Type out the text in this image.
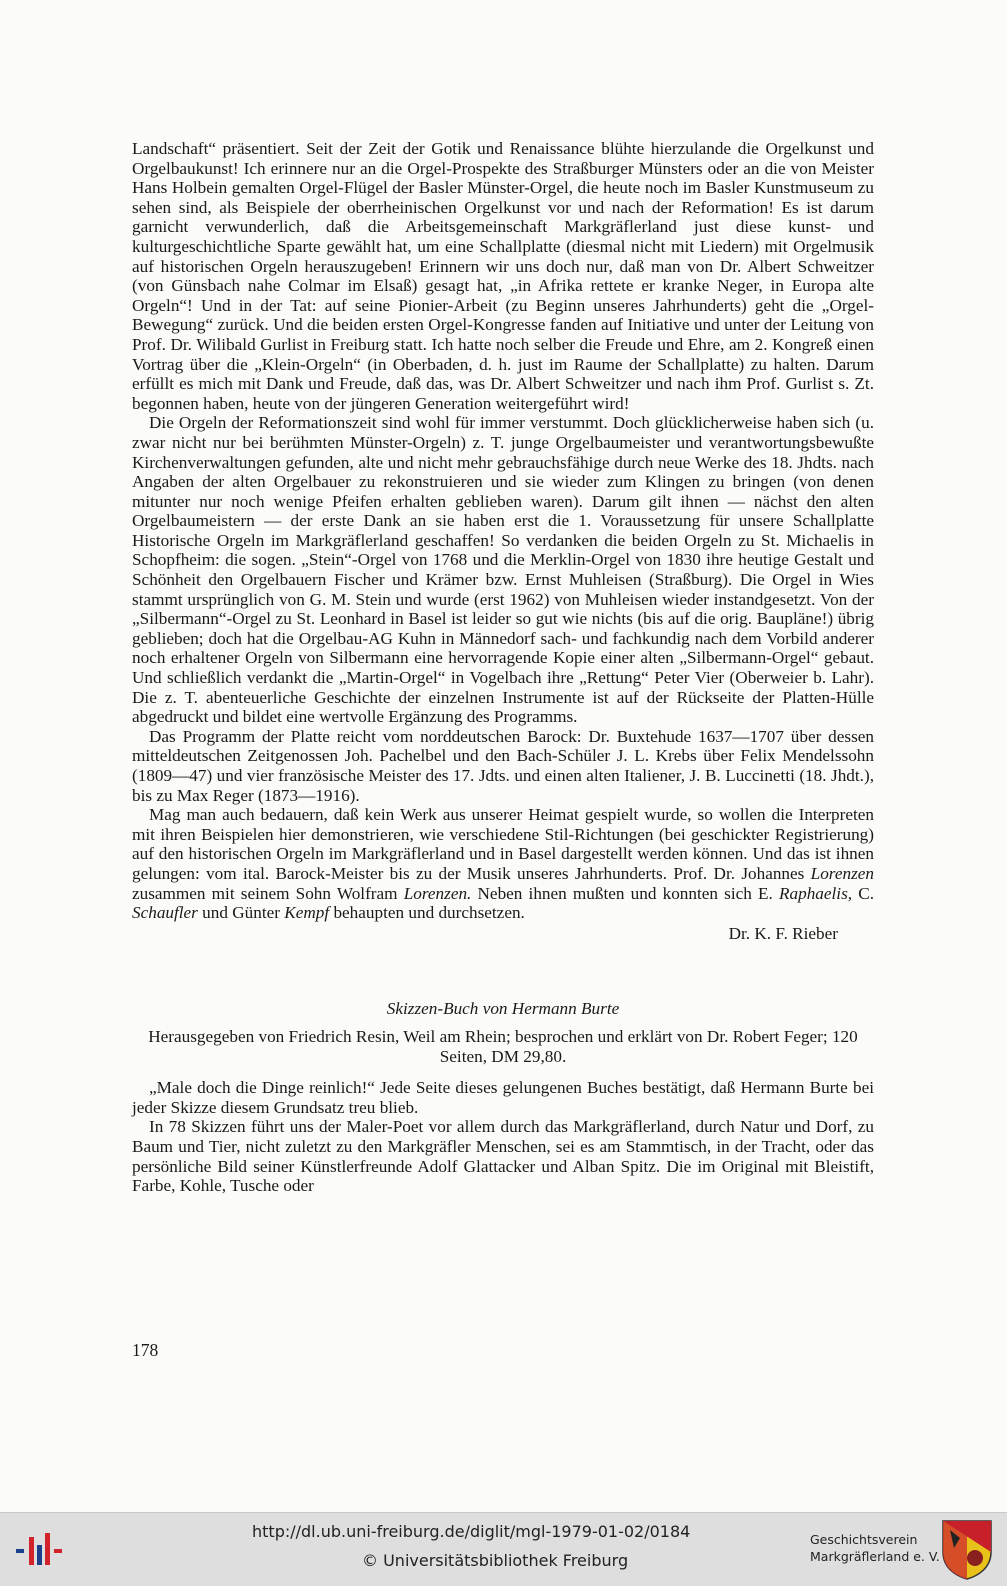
Landschaft“ präsentiert. Seit der Zeit der Gotik und Renaissance blühte hierzulande die Orgelkunst und Orgelbaukunst! Ich erinnere nur an die Orgel-Prospekte des Straßburger Münsters oder an die von Meister Hans Holbein gemalten Orgel-Flügel der Basler Münster-Orgel, die heute noch im Basler Kunstmuseum zu sehen sind, als Beispiele der oberrheinischen Orgelkunst vor und nach der Reformation! Es ist darum garnicht verwunderlich, daß die Arbeitsgemeinschaft Markgräflerland just diese kunst- und kulturgeschichtliche Sparte gewählt hat, um eine Schallplatte (diesmal nicht mit Liedern) mit Orgelmusik auf historischen Orgeln herauszugeben! Erinnern wir uns doch nur, daß man von Dr. Albert Schweitzer (von Günsbach nahe Colmar im Elsaß) gesagt hat, „in Afrika rettete er kranke Neger, in Europa alte Orgeln“! Und in der Tat: auf seine Pionier-Arbeit (zu Beginn unseres Jahrhunderts) geht die „Orgel-Bewegung“ zurück. Und die beiden ersten Orgel-Kongresse fanden auf Initiative und unter der Leitung von Prof. Dr. Wilibald Gurlist in Freiburg statt. Ich hatte noch selber die Freude und Ehre, am 2. Kongreß einen Vortrag über die „Klein-Orgeln“ (in Oberbaden, d. h. just im Raume der Schallplatte) zu halten. Darum erfüllt es mich mit Dank und Freude, daß das, was Dr. Albert Schweitzer und nach ihm Prof. Gurlist s. Zt. begonnen haben, heute von der jüngeren Generation weitergeführt wird!

Die Orgeln der Reformationszeit sind wohl für immer verstummt. Doch glücklicherweise haben sich (u. zwar nicht nur bei berühmten Münster-Orgeln) z. T. junge Orgelbaumeister und verantwortungsbewußte Kirchenverwaltungen gefunden, alte und nicht mehr gebrauchsfähige durch neue Werke des 18. Jhdts. nach Angaben der alten Orgelbauer zu rekonstruieren und sie wieder zum Klingen zu bringen (von denen mitunter nur noch wenige Pfeifen erhalten geblieben waren). Darum gilt ihnen — nächst den alten Orgelbaumeistern — der erste Dank an sie haben erst die 1. Voraussetzung für unsere Schallplatte Historische Orgeln im Markgräflerland geschaffen! So verdanken die beiden Orgeln zu St. Michaelis in Schopfheim: die sogen. „Stein“-Orgel von 1768 und die Merklin-Orgel von 1830 ihre heutige Gestalt und Schönheit den Orgelbauern Fischer und Krämer bzw. Ernst Muhleisen (Straßburg). Die Orgel in Wies stammt ursprünglich von G. M. Stein und wurde (erst 1962) von Muhleisen wieder instandgesetzt. Von der „Silbermann“-Orgel zu St. Leonhard in Basel ist leider so gut wie nichts (bis auf die orig. Baupläne!) übrig geblieben; doch hat die Orgelbau-AG Kuhn in Männedorf sach- und fachkundig nach dem Vorbild anderer noch erhaltener Orgeln von Silbermann eine hervorragende Kopie einer alten „Silbermann-Orgel“ gebaut. Und schließlich verdankt die „Martin-Orgel“ in Vogelbach ihre „Rettung“ Peter Vier (Oberweier b. Lahr). Die z. T. abenteuerliche Geschichte der einzelnen Instrumente ist auf der Rückseite der Platten-Hülle abgedruckt und bildet eine wertvolle Ergänzung des Programms.

Das Programm der Platte reicht vom norddeutschen Barock: Dr. Buxtehude 1637—1707 über dessen mitteldeutschen Zeitgenossen Joh. Pachelbel und den Bach-Schüler J. L. Krebs über Felix Mendelssohn (1809—47) und vier französische Meister des 17. Jdts. und einen alten Italiener, J. B. Luccinetti (18. Jhdt.), bis zu Max Reger (1873—1916).

Mag man auch bedauern, daß kein Werk aus unserer Heimat gespielt wurde, so wollen die Interpreten mit ihren Beispielen hier demonstrieren, wie verschiedene Stil-Richtungen (bei geschickter Registrierung) auf den historischen Orgeln im Markgräflerland und in Basel dargestellt werden können. Und das ist ihnen gelungen: vom ital. Barock-Meister bis zu der Musik unseres Jahrhunderts. Prof. Dr. Johannes Lorenzen zusammen mit seinem Sohn Wolfram Lorenzen. Neben ihnen mußten und konnten sich E. Raphaelis, C. Schaufler und Günter Kempf behaupten und durchsetzen.

Dr. K. F. Rieber
Skizzen-Buch von Hermann Burte
Herausgegeben von Friedrich Resin, Weil am Rhein; besprochen und erklärt von Dr. Robert Feger; 120 Seiten, DM 29,80.

„Male doch die Dinge reinlich!“ Jede Seite dieses gelungenen Buches bestätigt, daß Hermann Burte bei jeder Skizze diesem Grundsatz treu blieb.

In 78 Skizzen führt uns der Maler-Poet vor allem durch das Markgräflerland, durch Natur und Dorf, zu Baum und Tier, nicht zuletzt zu den Markgräfler Menschen, sei es am Stammtisch, in der Tracht, oder das persönliche Bild seiner Künstlerfreunde Adolf Glattacker und Alban Spitz. Die im Original mit Bleistift, Farbe, Kohle, Tusche oder

178
http://dl.ub.uni-freiburg.de/diglit/mgl-1979-01-02/0184
© Universitätsbibliothek Freiburg
Geschichtsverein
Markgräflerland e. V.
